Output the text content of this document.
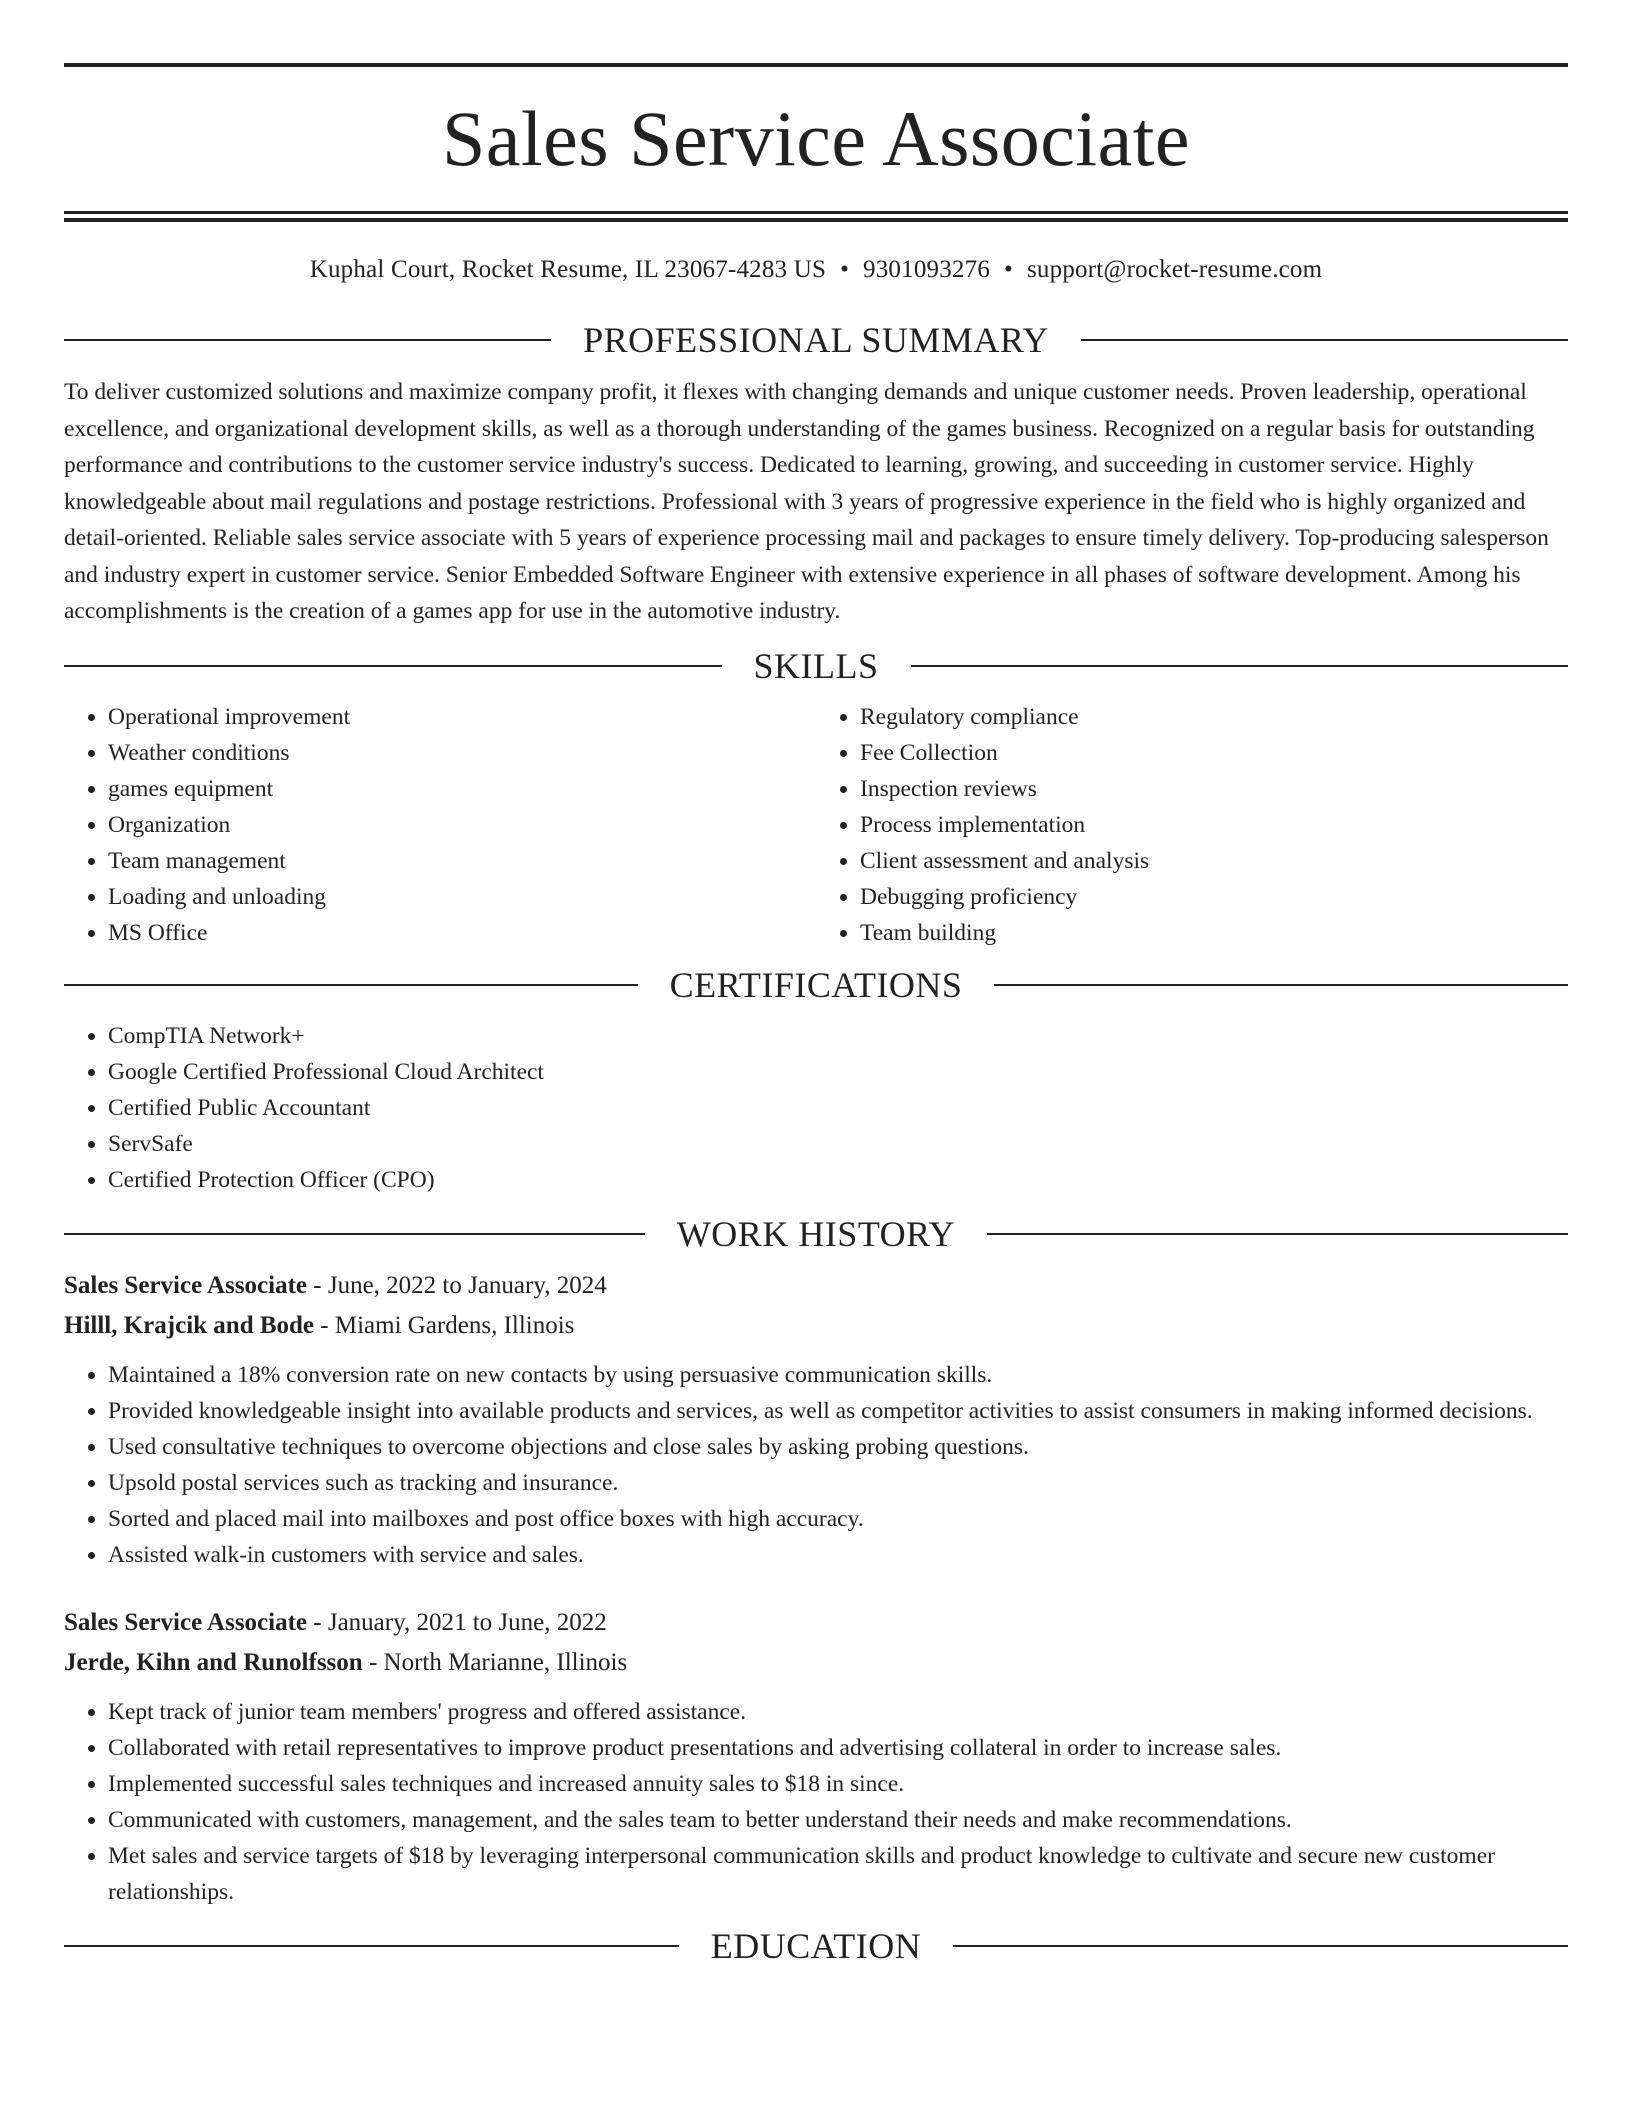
Sales Service Associate
Kuphal Court, Rocket Resume, IL 23067-4283 US • 9301093276 • support@rocket-resume.com
PROFESSIONAL SUMMARY

To deliver customized solutions and maximize company profit, it flexes with changing demands and unique customer needs. Proven leadership, operational excellence, and organizational development skills, as well as a thorough understanding of the games business. Recognized on a regular basis for outstanding performance and contributions to the customer service industry's success. Dedicated to learning, growing, and succeeding in customer service. Highly knowledgeable about mail regulations and postage restrictions. Professional with 3 years of progressive experience in the field who is highly organized and detail-oriented. Reliable sales service associate with 5 years of experience processing mail and packages to ensure timely delivery. Top-producing salesperson and industry expert in customer service. Senior Embedded Software Engineer with extensive experience in all phases of software development. Among his accomplishments is the creation of a games app for use in the automotive industry.

SKILLS
• Operational improvement
• Weather conditions
• games equipment
• Organization
• Team management
• Loading and unloading
• MS Office
• Regulatory compliance
• Fee Collection
• Inspection reviews
• Process implementation
• Client assessment and analysis
• Debugging proficiency
• Team building
CERTIFICATIONS
• CompTIA Network+
• Google Certified Professional Cloud Architect
• Certified Public Accountant
• ServSafe
• Certified Protection Officer (CPO)
WORK HISTORY
Sales Service Associate - June, 2022 to January, 2024
Hilll, Krajcik and Bode - Miami Gardens, Illinois
• Maintained a 18% conversion rate on new contacts by using persuasive communication skills.
• Provided knowledgeable insight into available products and services, as well as competitor activities to assist consumers in making informed decisions.
• Used consultative techniques to overcome objections and close sales by asking probing questions.
• Upsold postal services such as tracking and insurance.
• Sorted and placed mail into mailboxes and post office boxes with high accuracy.
• Assisted walk-in customers with service and sales.
Sales Service Associate - January, 2021 to June, 2022
Jerde, Kihn and Runolfsson - North Marianne, Illinois
• Kept track of junior team members' progress and offered assistance.
• Collaborated with retail representatives to improve product presentations and advertising collateral in order to increase sales.
• Implemented successful sales techniques and increased annuity sales to $18 in since.
• Communicated with customers, management, and the sales team to better understand their needs and make recommendations.
• Met sales and service targets of $18 by leveraging interpersonal communication skills and product knowledge to cultivate and secure new customer relationships.
EDUCATION
